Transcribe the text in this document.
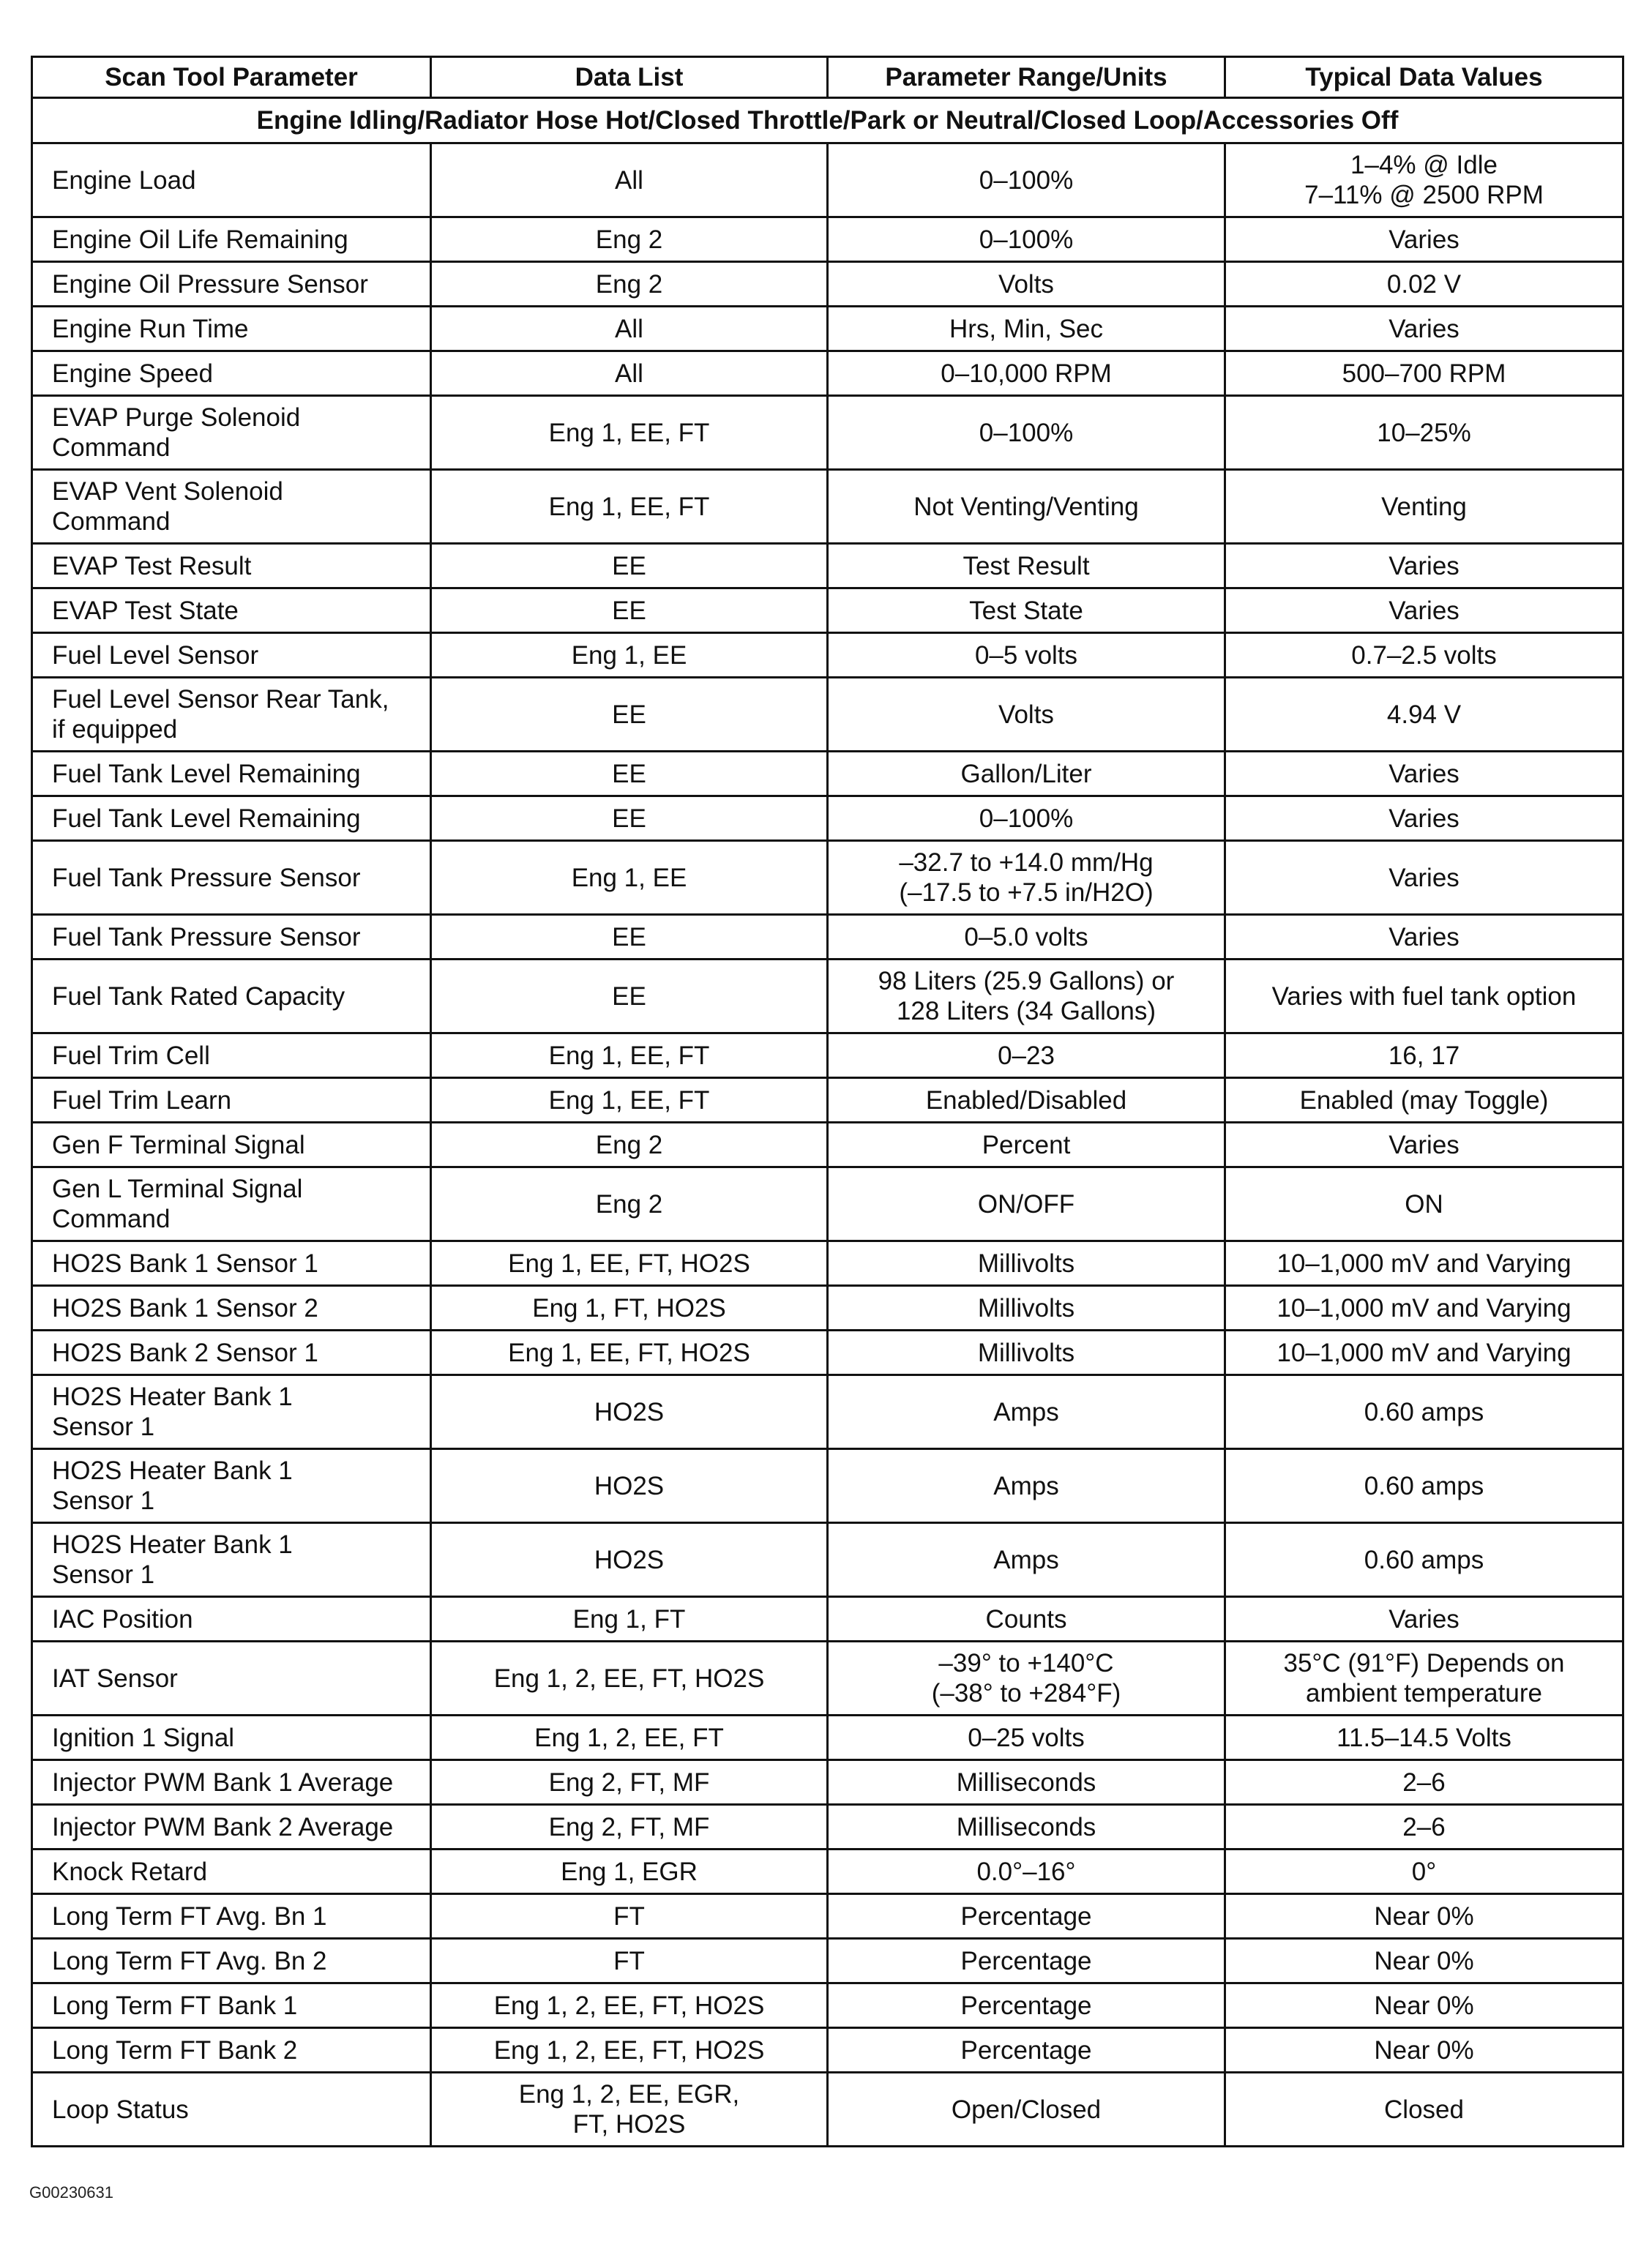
Scan Tool Parameter	Data List	Parameter Range/Units	Typical Data Values
Engine Idling/Radiator Hose Hot/Closed Throttle/Park or Neutral/Closed Loop/Accessories Off			

Engine Load	All	0–100%	1–4% @ Idle
7–11% @ 2500 RPM

Engine Oil Life Remaining	Eng 2	0–100%	Varies

Engine Oil Pressure Sensor	Eng 2	Volts	0.02 V

Engine Run Time	All	Hrs, Min, Sec	Varies

Engine Speed	All	0–10,000 RPM	500–700 RPM

EVAP Purge Solenoid
Command	Eng 1, EE, FT	0–100%	10–25%

EVAP Vent Solenoid
Command	Eng 1, EE, FT	Not Venting/Venting	Venting

EVAP Test Result	EE	Test Result	Varies

EVAP Test State	EE	Test State	Varies

Fuel Level Sensor	Eng 1, EE	0–5 volts	0.7–2.5 volts

Fuel Level Sensor Rear Tank,
if equipped	EE	Volts	4.94 V

Fuel Tank Level Remaining	EE	Gallon/Liter	Varies

Fuel Tank Level Remaining	EE	0–100%	Varies

Fuel Tank Pressure Sensor	Eng 1, EE	–32.7 to +14.0 mm/Hg
(–17.5 to +7.5 in/H2O)	Varies

Fuel Tank Pressure Sensor	EE	0–5.0 volts	Varies

Fuel Tank Rated Capacity	EE	98 Liters (25.9 Gallons) or
128 Liters (34 Gallons)	Varies with fuel tank option

Fuel Trim Cell	Eng 1, EE, FT	0–23	16, 17

Fuel Trim Learn	Eng 1, EE, FT	Enabled/Disabled	Enabled (may Toggle)

Gen F Terminal Signal	Eng 2	Percent	Varies

Gen L Terminal Signal
Command	Eng 2	ON/OFF	ON

HO2S Bank 1 Sensor 1	Eng 1, EE, FT, HO2S	Millivolts	10–1,000 mV and Varying

HO2S Bank 1 Sensor 2	Eng 1, FT, HO2S	Millivolts	10–1,000 mV and Varying

HO2S Bank 2 Sensor 1	Eng 1, EE, FT, HO2S	Millivolts	10–1,000 mV and Varying

HO2S Heater Bank 1
Sensor 1	HO2S	Amps	0.60 amps

HO2S Heater Bank 1
Sensor 1	HO2S	Amps	0.60 amps

HO2S Heater Bank 1
Sensor 1	HO2S	Amps	0.60 amps

IAC Position	Eng 1, FT	Counts	Varies

IAT Sensor	Eng 1, 2, EE, FT, HO2S	–39° to +140°C
(–38° to +284°F)	35°C (91°F) Depends on
ambient temperature

Ignition 1 Signal	Eng 1, 2, EE, FT	0–25 volts	11.5–14.5 Volts

Injector PWM Bank 1 Average	Eng 2, FT, MF	Milliseconds	2–6

Injector PWM Bank 2 Average	Eng 2, FT, MF	Milliseconds	2–6

Knock Retard	Eng 1, EGR	0.0°–16°	0°

Long Term FT Avg. Bn 1	FT	Percentage	Near 0%

Long Term FT Avg. Bn 2	FT	Percentage	Near 0%

Long Term FT Bank 1	Eng 1, 2, EE, FT, HO2S	Percentage	Near 0%

Long Term FT Bank 2	Eng 1, 2, EE, FT, HO2S	Percentage	Near 0%

Loop Status	Eng 1, 2, EE, EGR,
FT, HO2S	Open/Closed	Closed
G00230631
